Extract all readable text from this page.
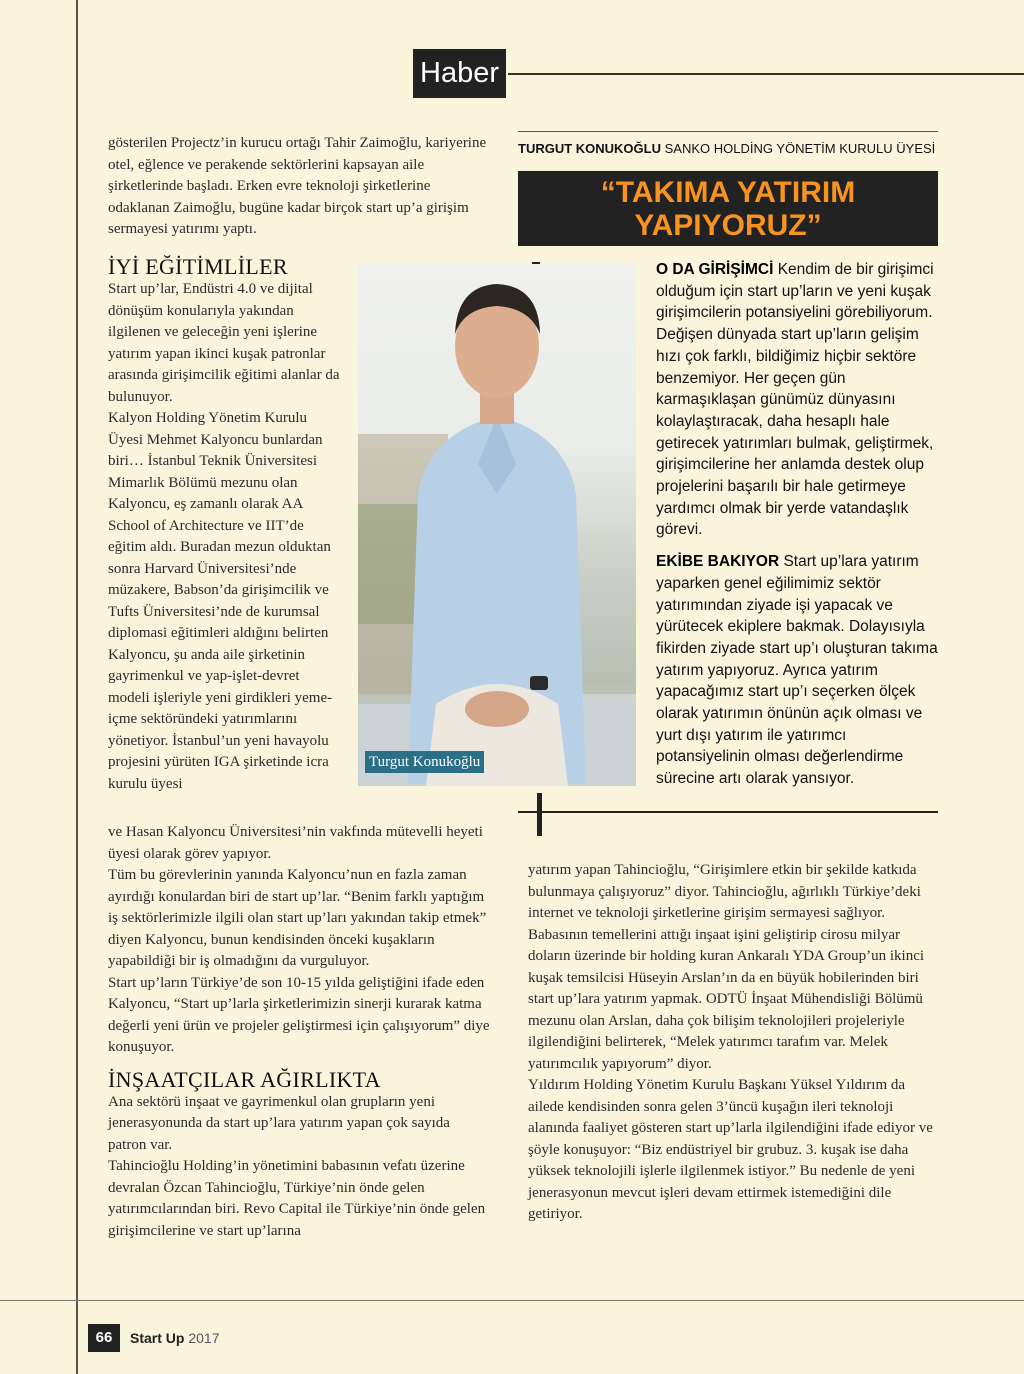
Haber

gösterilen Projectz’in kurucu ortağı Tahir Zaimoğlu, kariyerine otel, eğlence ve perakende sektörlerini kapsayan aile şirketlerinde başladı. Erken evre teknoloji şirketlerine odaklanan Zaimoğlu, bugüne kadar birçok start up’a girişim sermayesi yatırımı yaptı.

İYİ EĞİTİMLİLER

Start up’lar, Endüstri 4.0 ve dijital dönüşüm konularıyla yakından ilgilenen ve geleceğin yeni işlerine yatırım yapan ikinci kuşak patronlar arasında girişimcilik eğitimi alanlar da bulunuyor.

Kalyon Holding Yönetim Kurulu Üyesi Mehmet Kalyoncu bunlardan biri… İstanbul Teknik Üniversitesi Mimarlık Bölümü mezunu olan Kalyoncu, eş zamanlı olarak AA School of Architecture ve IIT’de eğitim aldı. Buradan mezun olduktan sonra Harvard Üniversitesi’nde müzakere, Babson’da girişimcilik ve Tufts Üniversitesi’nde de kurumsal diplomasi eğitimleri aldığını belirten Kalyoncu, şu anda aile şirketinin gayrimenkul ve yap-işlet-devret modeli işleriyle yeni girdikleri yeme-içme sektöründeki yatırımlarını yönetiyor. İstanbul’un yeni havayolu projesini yürüten IGA şirketinde icra kurulu üyesi

ve Hasan Kalyoncu Üniversitesi’nin vakfında mütevelli heyeti üyesi olarak görev yapıyor.

Tüm bu görevlerinin yanında Kalyoncu’nun en fazla zaman ayırdığı konulardan biri de start up’lar. “Benim farklı yaptığım iş sektörlerimizle ilgili olan start up’ları yakından takip etmek” diyen Kalyoncu, bunun kendisinden önceki kuşakların yapabildiği bir iş olmadığını da vurguluyor.

Start up’ların Türkiye’de son 10-15 yılda geliştiğini ifade eden Kalyoncu, “Start up’larla şirketlerimizin sinerji kurarak katma değerli yeni ürün ve projeler geliştirmesi için çalışıyorum” diye konuşuyor.

İNŞAATÇILAR AĞIRLIKTA

Ana sektörü inşaat ve gayrimenkul olan grupların yeni jenerasyonunda da start up’lara yatırım yapan çok sayıda patron var.

Tahincioğlu Holding’in yönetimini babasının vefatı üzerine devralan Özcan Tahincioğlu, Türkiye’nin önde gelen yatırımcılarından biri. Revo Capital ile Türkiye’nin önde gelen girişimcilerine ve start up’larına

TURGUT KONUKOĞLU SANKO HOLDİNG YÖNETİM KURULU ÜYESİ
“TAKIMA YATIRIM
YAPIYORUZ”
Turgut Konukoğlu

O DA GİRİŞİMCİ Kendim de bir girişimci olduğum için start up’ların ve yeni kuşak girişimcilerin potansiyelini görebiliyorum. Değişen dünyada start up’ların gelişim hızı çok farklı, bildiğimiz hiçbir sektöre benzemiyor. Her geçen gün karmaşıklaşan günümüz dünyasını kolaylaştıracak, daha hesaplı hale getirecek yatırımları bulmak, geliştirmek, girişimcilerine her anlamda destek olup projelerini başarılı bir hale getirmeye yardımcı olmak bir yerde vatandaşlık görevi.

EKİBE BAKIYOR Start up’lara yatırım yaparken genel eğilimimiz sektör yatırımından ziyade işi yapacak ve yürütecek ekiplere bakmak. Dolayısıyla fikirden ziyade start up’ı oluşturan takıma yatırım yapıyoruz. Ayrıca yatırım yapacağımız start up’ı seçerken ölçek olarak yatırımın önünün açık olması ve yurt dışı yatırım ile yatırımcı potansiyelinin olması değerlendirme sürecine artı olarak yansıyor.

yatırım yapan Tahincioğlu, “Girişimlere etkin bir şekilde katkıda bulunmaya çalışıyoruz” diyor. Tahincioğlu, ağırlıklı Türkiye’deki internet ve teknoloji şirketlerine girişim sermayesi sağlıyor.

Babasının temellerini attığı inşaat işini geliştirip cirosu milyar doların üzerinde bir holding kuran Ankaralı YDA Group’un ikinci kuşak temsilcisi Hüseyin Arslan’ın da en büyük hobilerinden biri start up’lara yatırım yapmak. ODTÜ İnşaat Mühendisliği Bölümü mezunu olan Arslan, daha çok bilişim teknolojileri projeleriyle ilgilendiğini belirterek, “Melek yatırımcı tarafım var. Melek yatırımcılık yapıyorum” diyor.

Yıldırım Holding Yönetim Kurulu Başkanı Yüksel Yıldırım da ailede kendisinden sonra gelen 3’üncü kuşağın ileri teknoloji alanında faaliyet gösteren start up’larla ilgilendiğini ifade ediyor ve şöyle konuşuyor: “Biz endüstriyel bir grubuz. 3. kuşak ise daha yüksek teknolojili işlerle ilgilenmek istiyor.” Bu nedenle de yeni jenerasyonun mevcut işleri devam ettirmek istemediğini dile getiriyor.

66	Start Up 2017
